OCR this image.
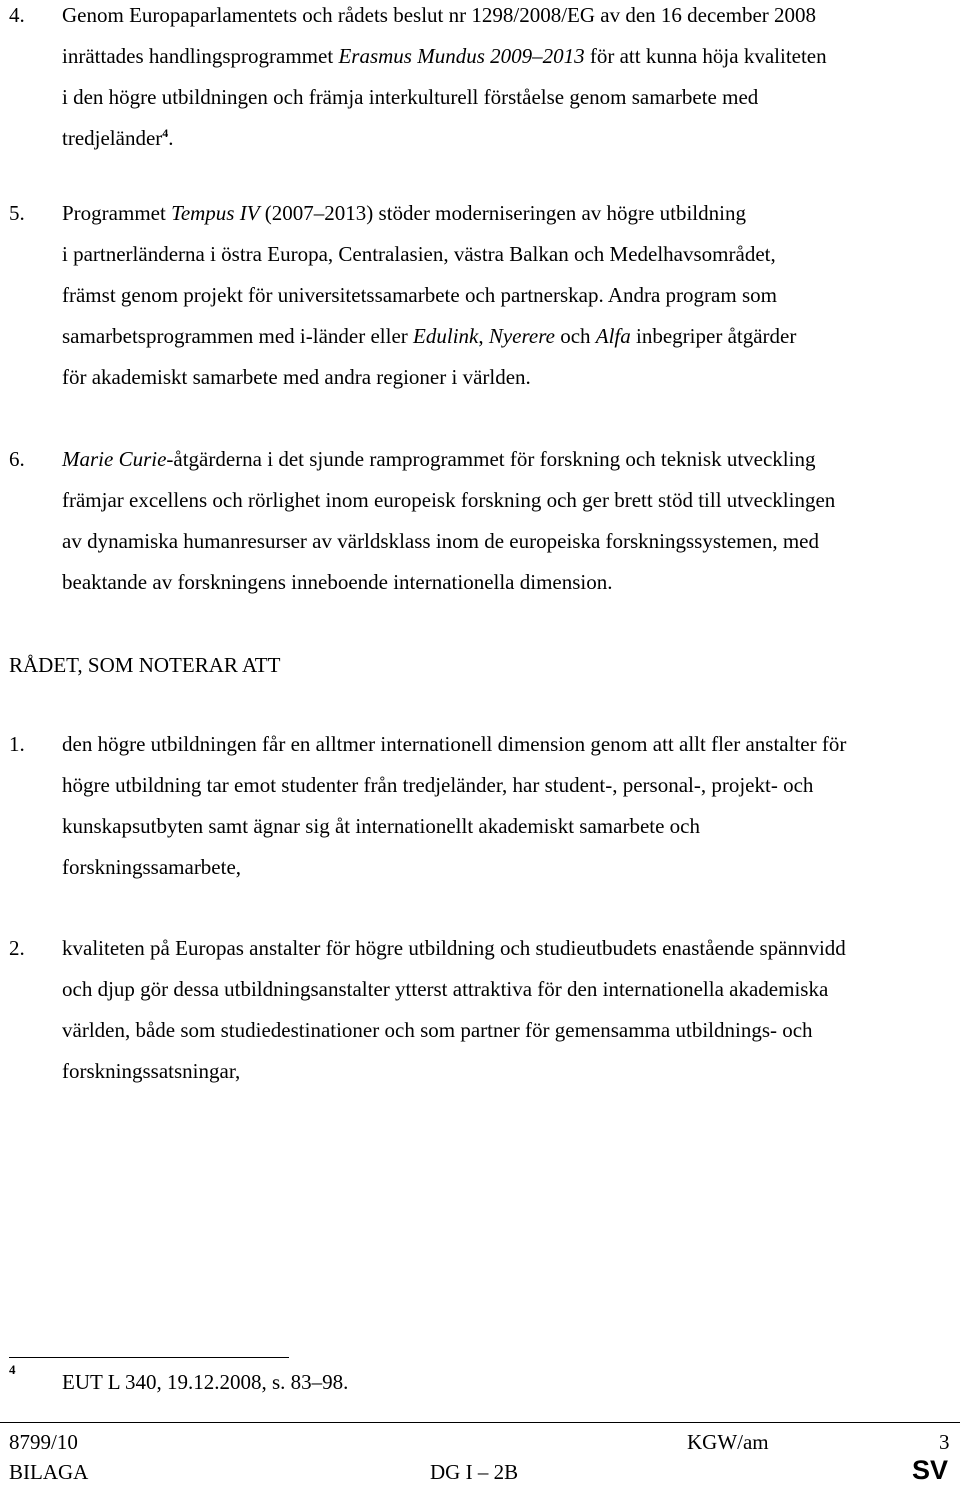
4. Genom Europaparlamentets och rådets beslut nr 1298/2008/EG av den 16 december 2008
inrättades handlingsprogrammet Erasmus Mundus 2009–2013 för att kunna höja kvaliteten
i den högre utbildningen och främja interkulturell förståelse genom samarbete med
tredjeländer$^4$.
5. Programmet Tempus IV (2007–2013) stöder moderniseringen av högre utbildning
i partnerländerna i östra Europa, Centralasien, västra Balkan och Medelhavsområdet,
främst genom projekt för universitetssamarbete och partnerskap. Andra program som
samarbetsprogrammen med i-länder eller Edulink, Nyerere och Alfa inbegriper åtgärder
för akademiskt samarbete med andra regioner i världen.
6. Marie Curie-åtgärderna i det sjunde ramprogrammet för forskning och teknisk utveckling
främjar excellens och rörlighet inom europeisk forskning och ger brett stöd till utvecklingen
av dynamiska humanresurser av världsklass inom de europeiska forskningssystemen, med
beaktande av forskningens inneboende internationella dimension.
RÅDET, SOM NOTERAR ATT
1. den högre utbildningen får en alltmer internationell dimension genom att allt fler anstalter för
högre utbildning tar emot studenter från tredjeländer, har student-, personal-, projekt- och
kunskapsutbyten samt ägnar sig åt internationellt akademiskt samarbete och
forskningssamarbete,
2. kvaliteten på Europas anstalter för högre utbildning och studieutbudets enastående spännvidd
och djup gör dessa utbildningsanstalter ytterst attraktiva för den internationella akademiska
världen, både som studiedestinationer och som partner för gemensamma utbildnings- och
forskningssatsningar,
4
EUT L 340, 19.12.2008, s. 83–98.
8799/10	KGW/am	3
BILAGA	DG I – 2B	SV
